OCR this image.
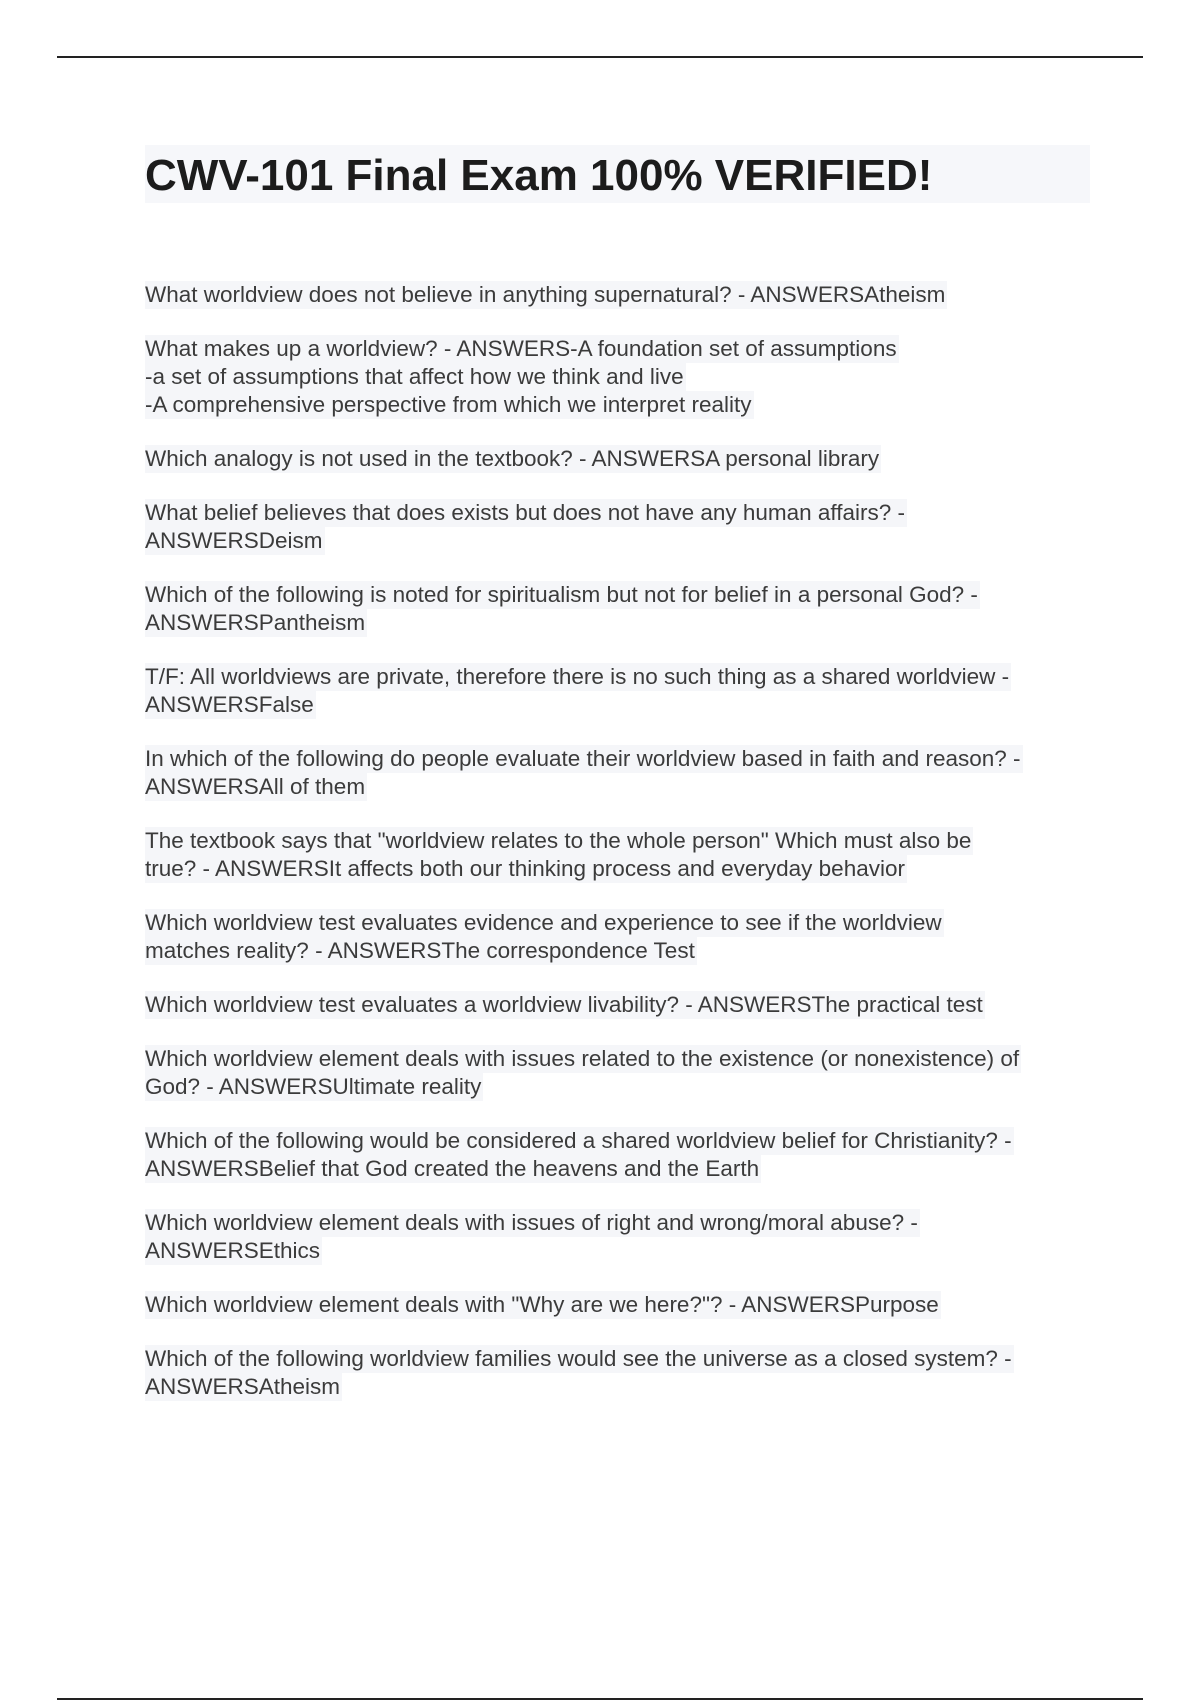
CWV-101 Final Exam 100% VERIFIED!
What worldview does not believe in anything supernatural? - ANSWERSAtheism
What makes up a worldview? - ANSWERS-A foundation set of assumptions
-a set of assumptions that affect how we think and live
-A comprehensive perspective from which we interpret reality
Which analogy is not used in the textbook? - ANSWERSA personal library
What belief believes that does exists but does not have any human affairs? -
ANSWERSDeism
Which of the following is noted for spiritualism but not for belief in a personal God? -
ANSWERSPantheism
T/F: All worldviews are private, therefore there is no such thing as a shared worldview -
ANSWERSFalse
In which of the following do people evaluate their worldview based in faith and reason? -
ANSWERSAll of them
The textbook says that "worldview relates to the whole person" Which must also be
true? - ANSWERSIt affects both our thinking process and everyday behavior
Which worldview test evaluates evidence and experience to see if the worldview
matches reality? - ANSWERSThe correspondence Test
Which worldview test evaluates a worldview livability? - ANSWERSThe practical test
Which worldview element deals with issues related to the existence (or nonexistence) of
God? - ANSWERSUltimate reality
Which of the following would be considered a shared worldview belief for Christianity? -
ANSWERSBelief that God created the heavens and the Earth
Which worldview element deals with issues of right and wrong/moral abuse? -
ANSWERSEthics
Which worldview element deals with "Why are we here?"? - ANSWERSPurpose
Which of the following worldview families would see the universe as a closed system? -
ANSWERSAtheism
